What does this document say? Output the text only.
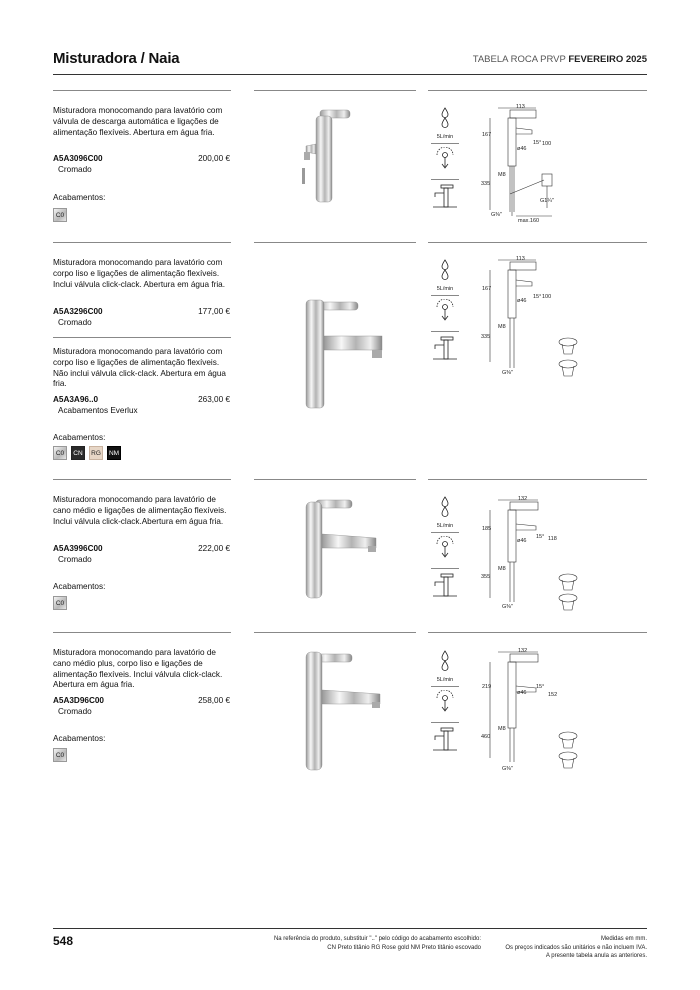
Misturadora / Naia	TABELA ROCA PRVP FEVEREIRO 2025
Misturadora monocomando para lavatório com válvula de descarga automática e ligações de alimentação flexíveis. Abertura em água fria.
A5A3096C00	200,00 €
Cromado
Acabamentos:
C0
5L/min
113
167
100
15°
ø46
M8
335
G1¼"
G⅜"
max.160
Misturadora monocomando para lavatório com corpo liso e ligações de alimentação flexíveis. Inclui válvula click-clack. Abertura em água fria.
A5A3296C00	177,00 €
Cromado
Misturadora monocomando para lavatório com corpo liso e ligações de alimentação flexíveis. Não inclui válvula click-clack. Abertura em água fria.
A5A3A96..0	263,00 €
Acabamentos Everlux
Acabamentos:
C0	CN	RG	NM
5L/min
113
167
100
15°
ø46
M8
335
G⅜"
Misturadora monocomando para lavatório de cano médio e ligações de alimentação flexíveis. Inclui válvula click-clack.Abertura em água fria.
A5A3996C00	222,00 €
Cromado
Acabamentos:
C0
5L/min
132
185
118
15°
ø46
M8
355
G⅜"
Misturadora monocomando para lavatório de cano médio plus, corpo liso e ligações de alimentação flexíveis. Inclui válvula click-clack. Abertura em água fria.
A5A3D96C00	258,00 €
Cromado
Acabamentos:
C0
5L/min
132
219
152
15°
ø46
M8
460
G⅜"
548	Na referência do produto, substituir ".." pelo código do acabamento escolhido:
CN Preto titânio RG Rose gold NM Preto titânio escovado
Medidas em mm.
Os preços indicados são unitários e não incluem IVA.
A presente tabela anula as anteriores.
